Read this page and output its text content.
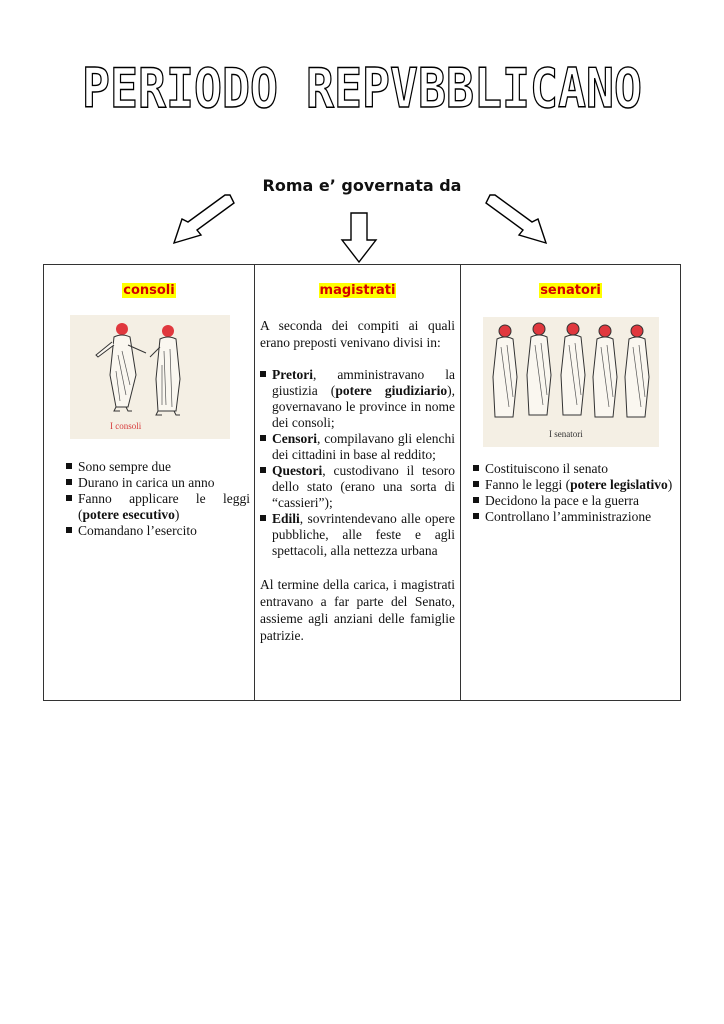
PERIODO REPVBBLICANO
Roma e’ governata da
consoli
I consoli
Sono sempre due
Durano in carica un anno
Fanno applicare le leggi (potere esecutivo)
Comandano l’esercito

magistrati

A seconda dei compiti ai quali erano preposti venivano divisi in:

Pretori, amministravano la giustizia (potere giudiziario), governavano le province in nome dei consoli;
Censori, compilavano gli elenchi dei cittadini in base al reddito;
Questori, custodivano il tesoro dello stato (erano una sorta di “cassieri”);
Edili, sovrintendevano alle opere pubbliche, alle feste e agli spettacoli, alla nettezza urbana

Al termine della carica, i magistrati entravano a far parte del Senato, assieme agli anziani delle famiglie patrizie.

senatori
I senatori
Costituiscono il senato
Fanno le leggi (potere legislativo)
Decidono la pace e la guerra
Controllano l’amministrazione
